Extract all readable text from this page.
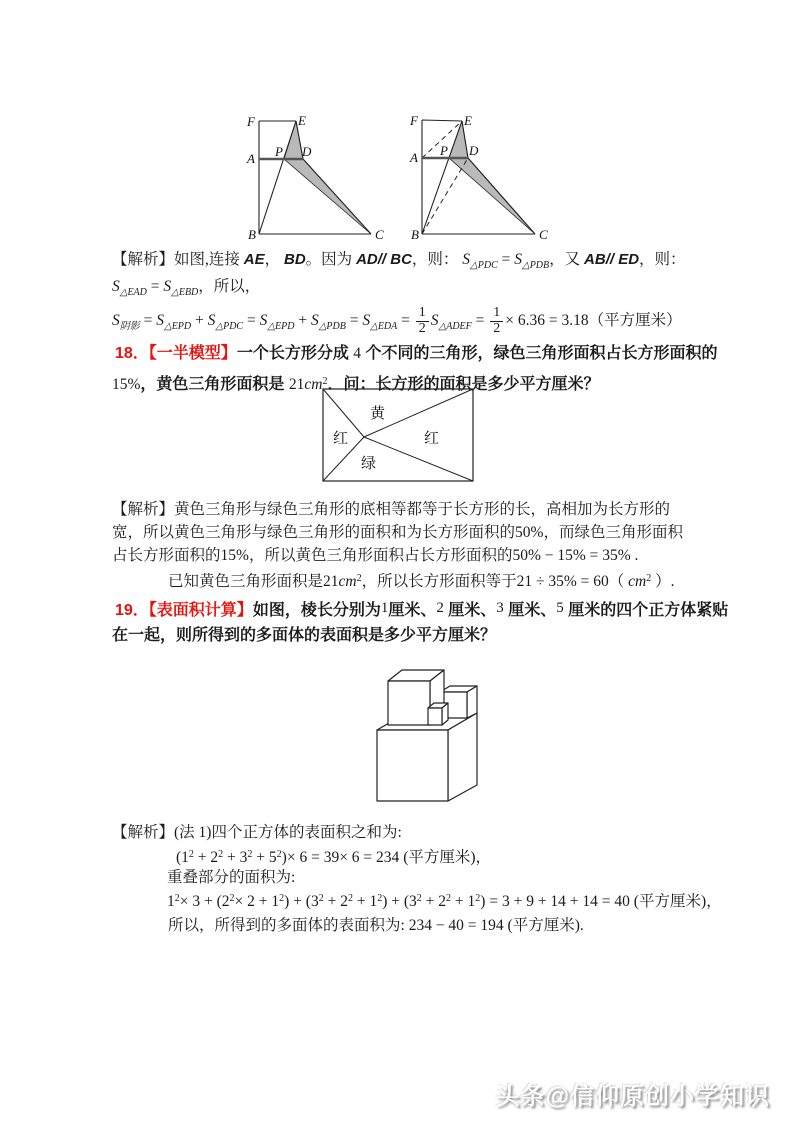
F	E
A P D
B	C
F	E
A P D
B	C
【解析】如图,连接 AE， BD。因为 AD// BC，则： $S_{\triangle PDC} = S_{\triangle PDB}$，又 AB// ED，则：
$S_{\triangle EAD} = S_{\triangle EBD}$，所以，
$S_{阴影} = S_{\triangle EPD} + S_{\triangle PDC} = S_{\triangle EPD} + S_{\triangle PDB} = S_{\triangle EDA} = \frac{1}{2} S_{\triangle ADEF} = \frac{1}{2} \times 6.36 = 3.18$（平方厘米）
18．【一半模型】一个长方形分成 4 个不同的三角形，绿色三角形面积占长方形面积的
15%，黄色三角形面积是 $21cm^2$．问：长方形的面积是多少平方厘米？
黄
红	红
绿
【解析】黄色三角形与绿色三角形的底相等都等于长方形的长，高相加为长方形的
宽，所以黄色三角形与绿色三角形的面积和为长方形面积的50%，而绿色三角形面积
占长方形面积的15%，所以黄色三角形面积占长方形面积的50% − 15% = 35% .
已知黄色三角形面积是$21cm^2$，所以长方形面积等于21 ÷ 35% = 60（ $cm^2$ ）.
19．【表面积计算】如图，棱长分别为1厘米、2 厘米、3 厘米、5 厘米的四个正方体紧贴
在一起，则所得到的多面体的表面积是多少平方厘米？
【解析】(法 1)四个正方体的表面积之和为:
$(1^2 + 2^2 + 3^2 + 5^2)\times 6 = 39\times 6 = 234$ (平方厘米)，
重叠部分的面积为:
$1^2\times 3 + (2^2\times 2 + 1^2) + (3^2 + 2^2 + 1^2) + (3^2 + 2^2 + 1^2) = 3 + 9 + 14 + 14 = 40$ (平方厘米)，
所以，所得到的多面体的表面积为: 234 − 40 = 194 (平方厘米).
头条@信仰原创小学知识
